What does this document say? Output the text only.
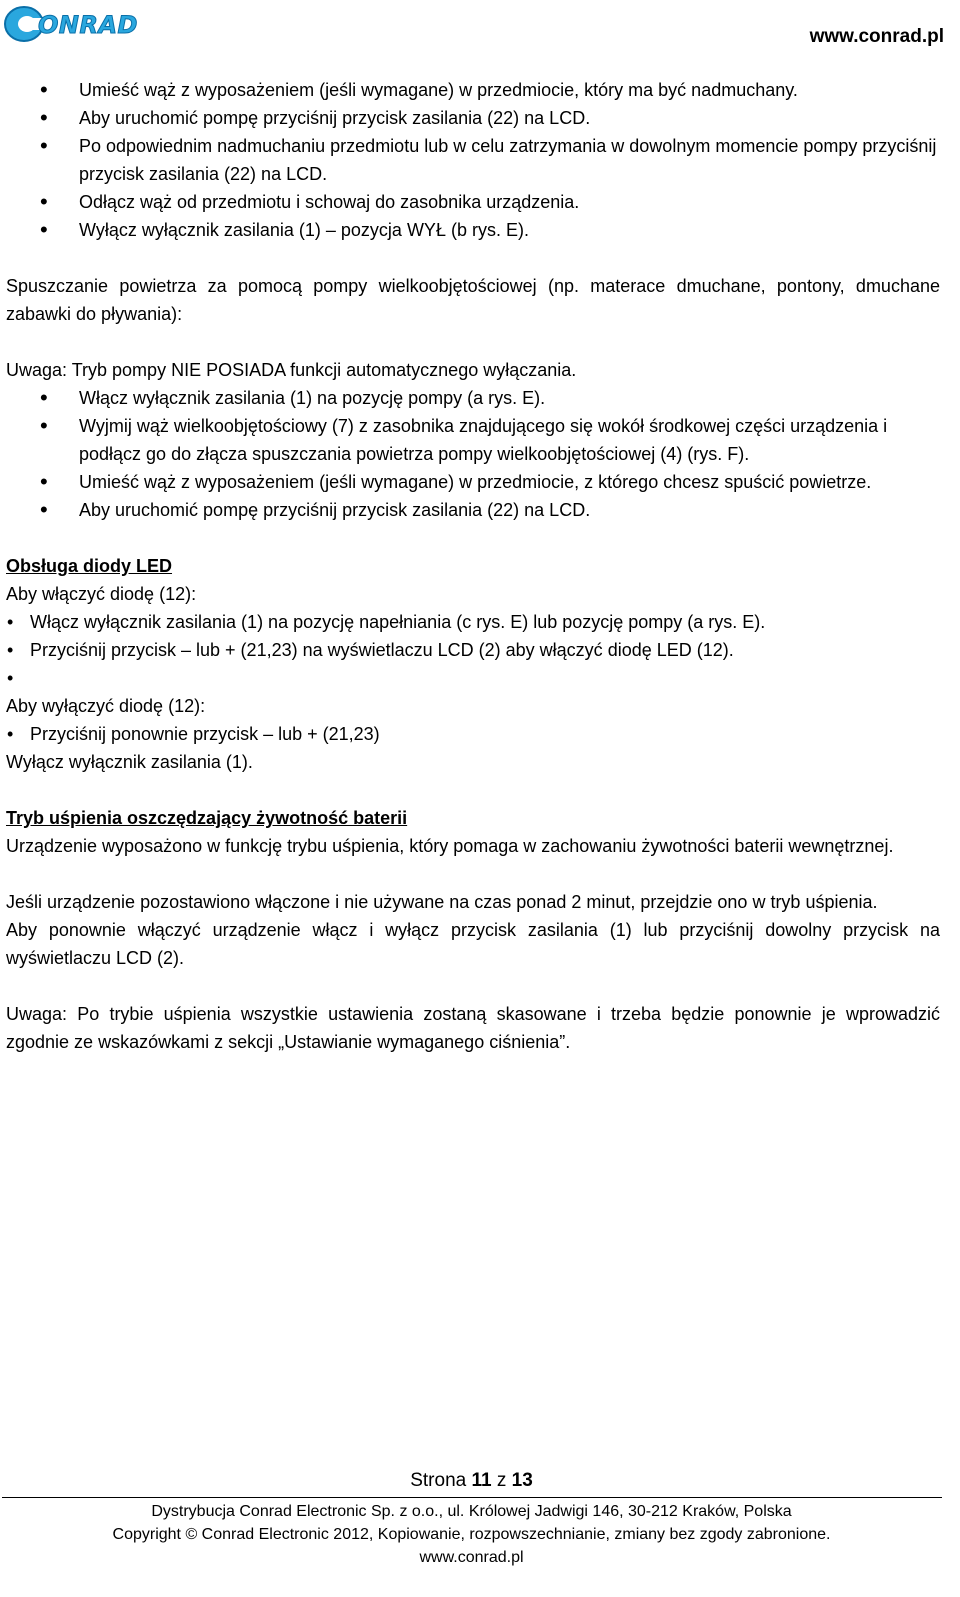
ONRAD	www.conrad.pl
• Umieść wąż z wyposażeniem (jeśli wymagane) w przedmiocie, który ma być nadmuchany.
• Aby uruchomić pompę przyciśnij przycisk zasilania (22) na LCD.
• Po odpowiednim nadmuchaniu przedmiotu lub w celu zatrzymania w dowolnym momencie pompy przyciśnij przycisk zasilania (22) na LCD.
• Odłącz wąż od przedmiotu i schowaj do zasobnika urządzenia.
• Wyłącz wyłącznik zasilania (1) – pozycja WYŁ (b rys. E).

Spuszczanie powietrza za pomocą pompy wielkoobjętościowej (np. materace dmuchane, pontony, dmuchane zabawki do pływania):

Uwaga: Tryb pompy NIE POSIADA funkcji automatycznego wyłączania.

• Włącz wyłącznik zasilania (1) na pozycję pompy (a rys. E).
• Wyjmij wąż wielkoobjętościowy (7) z zasobnika znajdującego się wokół środkowej części urządzenia i podłącz go do złącza spuszczania powietrza pompy wielkoobjętościowej (4) (rys. F).
• Umieść wąż z wyposażeniem (jeśli wymagane) w przedmiocie, z którego chcesz spuścić powietrze.
• Aby uruchomić pompę przyciśnij przycisk zasilania (22) na LCD.

Obsługa diody LED

Aby włączyć diodę (12):

• Włącz wyłącznik zasilania (1) na pozycję napełniania (c rys. E) lub pozycję pompy (a rys. E).
• Przyciśnij przycisk – lub + (21,23) na wyświetlaczu LCD (2) aby włączyć diodę LED (12).
•

Aby wyłączyć diodę (12):

• Przyciśnij ponownie przycisk – lub + (21,23)

Wyłącz wyłącznik zasilania (1).

Tryb uśpienia oszczędzający żywotność baterii

Urządzenie wyposażono w funkcję trybu uśpienia, który pomaga w zachowaniu żywotności baterii wewnętrznej.

Jeśli urządzenie pozostawiono włączone i nie używane na czas ponad 2 minut, przejdzie ono w tryb uśpienia.

Aby ponownie włączyć urządzenie włącz i wyłącz przycisk zasilania (1) lub przyciśnij dowolny przycisk na wyświetlaczu LCD (2).

Uwaga: Po trybie uśpienia wszystkie ustawienia zostaną skasowane i trzeba będzie ponownie je wprowadzić zgodnie ze wskazówkami z sekcji „Ustawianie wymaganego ciśnienia”.

Strona 11 z 13
Dystrybucja Conrad Electronic Sp. z o.o., ul. Królowej Jadwigi 146, 30-212 Kraków, Polska
Copyright © Conrad Electronic 2012, Kopiowanie, rozpowszechnianie, zmiany bez zgody zabronione.
www.conrad.pl
